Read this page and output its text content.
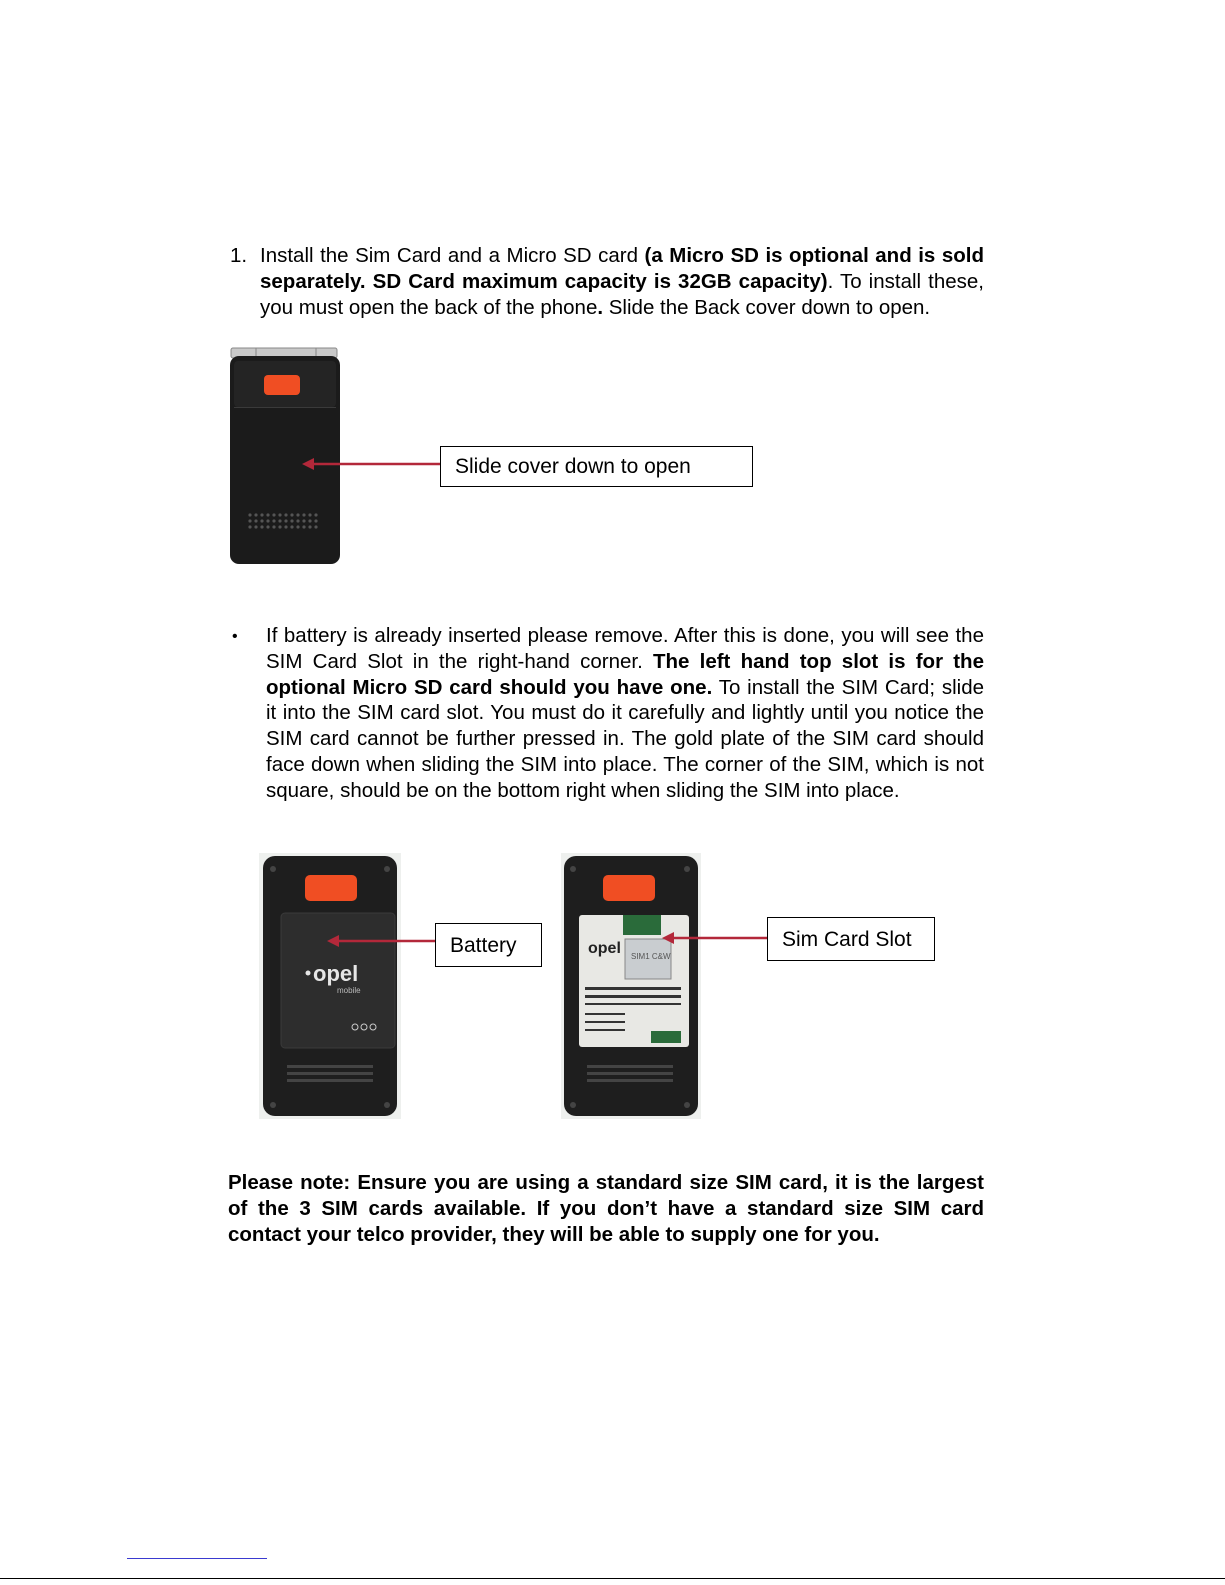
1. Install the Sim Card and a Micro SD card (a Micro SD is optional and is sold separately. SD Card maximum capacity is 32GB capacity). To install these, you must open the back of the phone. Slide the Back cover down to open.
Slide cover down to open
• If battery is already inserted please remove. After this is done, you will see the SIM Card Slot in the right-hand corner. The left hand top slot is for the optional Micro SD card should you have one. To install the SIM Card; slide it into the SIM card slot. You must do it carefully and lightly until you notice the SIM card cannot be further pressed in. The gold plate of the SIM card should face down when sliding the SIM into place. The corner of the SIM, which is not square, should be on the bottom right when sliding the SIM into place.
opel
mobile
SIM1 C&W
opel
Battery	Sim Card Slot
Please note: Ensure you are using a standard size SIM card, it is the largest of the 3 SIM cards available. If you don’t have a standard size SIM card contact your telco provider, they will be able to supply one for you.
